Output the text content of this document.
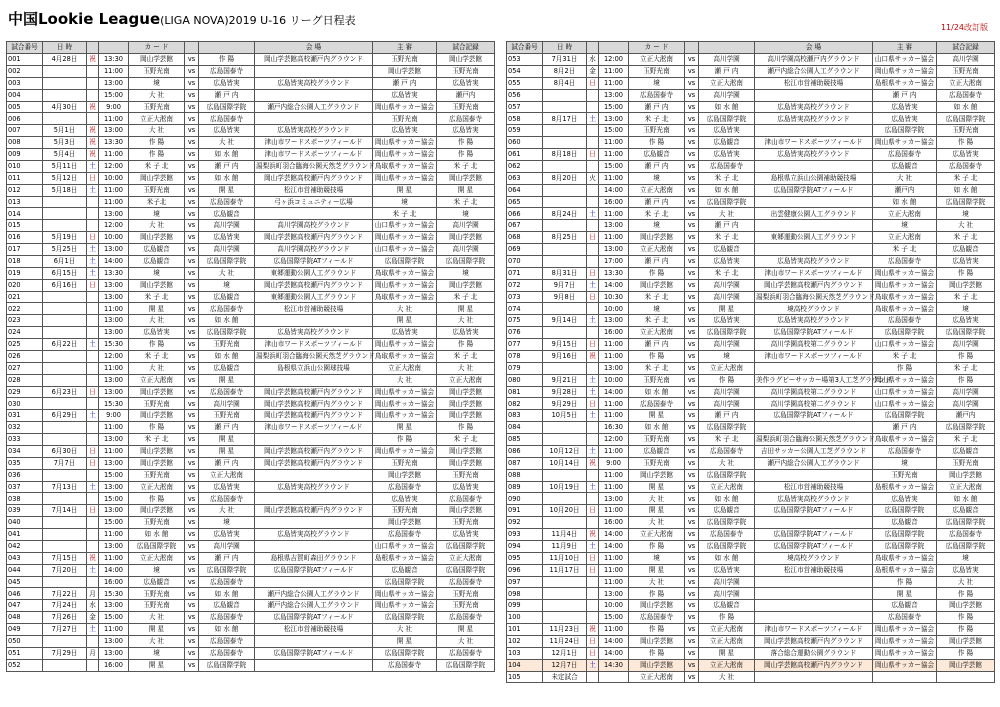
中国Lookie League(LIGA NOVA)2019 U-16 リーグ日程表
11/24改訂版
試合番号	日 時			カ ー ド			会 場	主 審	試合記録
001	4月28日	祝	13:30	岡山学芸館	vs	作 陽	岡山学芸館高校瀬戸内グラウンド	玉野光南	岡山学芸館
002			11:00	玉野光南	vs	広島国泰寺		岡山学芸館	玉野光南
003			13:00	境	vs	広島皆実	広島皆実高校グラウンド	瀬 戸 内	広島皆実
004			15:00	大 社	vs	瀬 戸 内		広島皆実	瀬戸内
005	4月30日	祝	9:00	玉野光南	vs	広島国際学院	瀬戸内総合公園人工グラウンド	岡山県サッカー協会	玉野光南
006			11:00	立正大淞南	vs	広島国泰寺		玉野光南	広島国泰寺
007	5月1日	祝	13:00	大 社	vs	広島皆実	広島皆実高校グラウンド	広島皆実	広島皆実
008	5月3日	祝	13:30	作 陽	vs	大 社	津山市ワードスポーツフィールド	岡山県サッカー協会	作 陽
009	5月4日	祝	11:00	作 陽	vs	如 水 館	津山市ワードスポーツフィールド	岡山県サッカー協会	作 陽
010	5月11日	土	12:00	米 子 北	vs	瀬 戸 内	湯梨浜町羽合臨海公園天然芝グラウンド	鳥取県サッカー協会	米 子 北
011	5月12日	日	10:00	岡山学芸館	vs	如 水 館	岡山学芸館高校瀬戸内グラウンド	岡山県サッカー協会	岡山学芸館
012	5月18日	土	11:00	玉野光南	vs	開 星	松江市営補助競技場	開 星	開 星
013			11:00	米子北	vs	広島国泰寺	弓ヶ浜コミュニティー広場	境	米 子 北
014			13:00	境	vs	広島観音		米 子 北	境
015			12:00	大 社	vs	高川学園	高川学園高校グラウンド	山口県サッカー協会	高川学園
016	5月19日	日	10:00	岡山学芸館	vs	広島皆実	岡山学芸館高校瀬戸内グラウンド	岡山県サッカー協会	岡山学芸館
017	5月25日	土	13:00	広島観音	vs	高川学園	高川学園高校グラウンド	山口県サッカー協会	高川学園
018	6月1日	土	14:00	広島観音	vs	広島国際学院	広島国際学院ATフィールド	広島国際学院	広島国際学院
019	6月15日	土	13:30	境	vs	大 社	東郷運動公園人工グラウンド	鳥取県サッカー協会	境
020	6月16日	日	13:00	岡山学芸館	vs	境	岡山学芸館高校瀬戸内グラウンド	岡山県サッカー協会	岡山学芸館
021			13:00	米 子 北	vs	広島観音	東郷運動公園人工グラウンド	鳥取県サッカー協会	米 子 北
022			11:00	開 星	vs	広島国泰寺	松江市営補助競技場	大 社	開 星
023			13:00	大 社	vs	如 水 館		開 星	大 社
024			13:00	広島皆実	vs	広島国際学院	広島皆実高校グラウンド	広島皆実	広島皆実
025	6月22日	土	15:30	作 陽	vs	玉野光南	津山市ワードスポーツフィールド	岡山県サッカー協会	作 陽
026			12:00	米 子 北	vs	如 水 館	湯梨浜町羽合臨海公園天然芝グラウンド	鳥取県サッカー協会	米 子 北
027			11:00	大 社	vs	広島観音	島根県立浜山公園球技場	立正大淞南	大 社
028			13:00	立正大淞南	vs	開 星		大 社	立正大淞南
029	6月23日	日	13:00	岡山学芸館	vs	広島国泰寺	岡山学芸館高校瀬戸内グラウンド	岡山県サッカー協会	岡山学芸館
030			15:30	玉野光南	vs	高川学園	岡山学芸館高校瀬戸内グラウンド	岡山県サッカー協会	岡山学芸館
031	6月29日	土	9:00	岡山学芸館	vs	玉野光南	岡山学芸館高校瀬戸内グラウンド	岡山県サッカー協会	岡山学芸館
032			11:00	作 陽	vs	瀬 戸 内	津山市ワードスポーツフィールド	開 星	作 陽
033			13:00	米 子 北	vs	開 星		作 陽	米 子 北
034	6月30日	日	11:00	岡山学芸館	vs	開 星	岡山学芸館高校瀬戸内グラウンド	岡山県サッカー協会	岡山学芸館
035	7月7日	日	13:00	岡山学芸館	vs	瀬 戸 内	岡山学芸館高校瀬戸内グラウンド	玉野光南	岡山学芸館
036			15:00	玉野光南	vs	立正大淞南		岡山学芸館	玉野光南
037	7月13日	土	13:00	立正大淞南	vs	広島皆実	広島皆実高校グラウンド	広島国泰寺	広島皆実
038			15:00	作 陽	vs	広島国泰寺		広島皆実	広島国泰寺
039	7月14日	日	13:00	岡山学芸館	vs	大 社	岡山学芸館高校瀬戸内グラウンド	玉野光南	岡山学芸館
040			15:00	玉野光南	vs	境		岡山学芸館	玉野光南
041			11:00	如 水 館	vs	広島皆実	広島皆実高校グラウンド	広島国泰寺	広島皆実
042			13:00	広島国際学院	vs	高川学園		山口県サッカー協会	広島国際学院
043	7月15日	祝	11:00	立正大淞南	vs	瀬 戸 内	島根県吉賀町森田グラウンド	島根県サッカー協会	立正大淞南
044	7月20日	土	14:00	境	vs	広島国際学院	広島国際学院ATフィールド	広島観音	広島国際学院
045			16:00	広島観音	vs	広島国泰寺		広島国際学院	広島国泰寺
046	7月22日	月	15:30	玉野光南	vs	如 水 館	瀬戸内総合公園人工グラウンド	岡山県サッカー協会	玉野光南
047	7月24日	水	13:00	玉野光南	vs	広島観音	瀬戸内総合公園人工グラウンド	岡山県サッカー協会	玉野光南
048	7月26日	金	15:00	大 社	vs	広島国泰寺	広島国際学院ATフィールド	広島国際学院	広島国泰寺
049	7月27日	土	11:00	開 星	vs	如 水 館	松江市営補助競技場	大 社	開 星
050			13:00	大 社	vs	広島国泰寺		開 星	大 社
051	7月29日	月	13:00	境	vs	広島国泰寺	広島国際学院ATフィールド	広島国際学院	広島国泰寺
052			16:00	開 星	vs	広島国際学院		広島国泰寺	広島国際学院
試合番号	日 時			カ ー ド			会 場	主 審	試合記録
053	7月31日	水	12:00	立正大淞南	vs	高川学園	高川学園高校瀬戸内グラウンド	山口県サッカー協会	高川学園
054	8月2日	金	11:00	玉野光南	vs	瀬 戸 内	瀬戸内総合公園人工グラウンド	岡山県サッカー協会	玉野光南
055	8月4日	日	11:00	境	vs	立正大淞南	松江市営補助競技場	島根県サッカー協会	立正大淞南
056			13:00	広島国泰寺	vs	高川学園		瀬 戸 内	広島国泰寺
057			15:00	瀬 戸 内	vs	如 水 館	広島皆実高校グラウンド	広島皆実	如 水 館
058	8月17日	土	13:00	米 子 北	vs	広島国際学院	広島皆実高校グラウンド	広島皆実	広島国際学院
059			15:00	玉野光南	vs	広島皆実		広島国際学院	玉野光南
060			11:00	作 陽	vs	広島観音	津山市ワードスポーツフィールド	岡山県サッカー協会	作 陽
061	8月18日	日	11:00	広島観音	vs	広島皆実	広島皆実高校グラウンド	広島国泰寺	広島皆実
062			15:00	瀬 戸 内	vs	広島国泰寺		広島観音	広島国泰寺
063	8月20日	火	11:00	境	vs	米 子 北	島根県立浜山公園補助競技場	大 社	米 子 北
064			14:00	立正大淞南	vs	如 水 館	広島国際学院ATフィールド	瀬戸内	如 水 館
065			16:00	瀬 戸 内	vs	広島国際学院		如 水 館	広島国際学院
066	8月24日	土	11:00	米 子 北	vs	大 社	出雲健康公園人工グラウンド	立正大淞南	境
067			13:00	境	vs	瀬 戸 内		境	大 社
068	8月25日	日	11:00	岡山学芸館	vs	米 子 北	東郷運動公園人工グラウンド	立正大淞南	米 子 北
069			13:00	立正大淞南	vs	広島観音		米 子 北	広島観音
070			17:00	瀬 戸 内	vs	広島皆実	広島皆実高校グラウンド	広島国泰寺	広島皆実
071	8月31日	日	13:30	作 陽	vs	米 子 北	津山市ワードスポーツフィールド	岡山県サッカー協会	作 陽
072	9月7日	土	14:00	岡山学芸館	vs	高川学園	岡山学芸館高校瀬戸内グラウンド	岡山県サッカー協会	岡山学芸館
073	9月8日	日	10:30	米 子 北	vs	高川学園	湯梨浜町羽合臨海公園天然芝グラウンド	鳥取県サッカー協会	米 子 北
074			10:00	境	vs	開 星	境高校グラウンド	鳥取県サッカー協会	境
075	9月14日	土	13:00	米 子 北	vs	広島皆実	広島皆実高校グラウンド	広島国泰寺	広島皆実
076			16:00	立正大淞南	vs	広島国際学院	広島国際学院ATフィールド	広島国際学院	広島国際学院
077	9月15日	日	11:00	瀬 戸 内	vs	高川学園	高川学園高校第二グラウンド	山口県サッカー協会	高川学園
078	9月16日	祝	11:00	作 陽	vs	境	津山市ワードスポーツフィールド	米 子 北	作 陽
079			13:00	米 子 北	vs	立正大淞南		作 陽	米 子 北
080	9月21日	土	10:00	玉野光南	vs	作 陽	美作ラグビーサッカー場第3人工芝グラウンド	岡山県サッカー協会	作 陽
081	9月28日	土	14:00	如 水 館	vs	高川学園	高川学園高校第二グラウンド	山口県サッカー協会	高川学園
082	9月29日	日	11:00	広島国泰寺	vs	高川学園	高川学園高校第二グラウンド	山口県サッカー協会	高川学園
083	10月5日	土	11:00	開 星	vs	瀬 戸 内	広島国際学院ATフィールド	広島国際学院	瀬戸内
084			16:30	如 水 館	vs	広島国際学院		瀬 戸 内	広島国際学院
085			12:00	玉野光南	vs	米 子 北	湯梨浜町羽合臨海公園天然芝グラウンド	鳥取県サッカー協会	米 子 北
086	10月12日	土	11:00	広島観音	vs	広島国泰寺	吉田サッカー公園人工芝グラウンド	広島国泰寺	広島観音
087	10月14日	祝	9:00	玉野光南	vs	大 社	瀬戸内総合公園人工グラウンド	境	玉野光南
088			11:00	岡山学芸館	vs	広島国際学院		玉野光南	岡山学芸館
089	10月19日	土	11:00	開 星	vs	立正大淞南	松江市営補助競技場	島根県サッカー協会	立正大淞南
090			13:00	大 社	vs	如 水 館	広島皆実高校グラウンド	広島皆実	如 水 館
091	10月20日	日	11:00	開 星	vs	広島観音	広島国際学院ATフィールド	広島国際学院	広島観音
092			16:00	大 社	vs	広島国際学院		広島観音	広島国際学院
093	11月4日	祝	14:00	立正大淞南	vs	広島国泰寺	広島国際学院ATフィールド	広島国際学院	広島国泰寺
094	11月9日	土	14:00	作 陽	vs	広島国際学院	広島国際学院ATフィールド	広島国際学院	広島国際学院
095	11月10日	日	11:00	境	vs	如 水 館	境高校グラウンド	鳥取県サッカー協会	境
096	11月17日	日	11:00	開 星	vs	広島皆実	松江市営補助競技場	島根県サッカー協会	広島皆実
097			11:00	大 社	vs	高川学園		作 陽	大 社
098			13:00	作 陽	vs	高川学園		開 星	作 陽
099			10:00	岡山学芸館	vs	広島観音		広島観音	岡山学芸館
100			15:00	広島国泰寺	vs	作 陽		広島国泰寺	作 陽
101	11月23日	祝	11:00	作 陽	vs	立正大淞南	津山市ワードスポーツフィールド	岡山県サッカー協会	作 陽
102	11月24日	日	14:00	岡山学芸館	vs	立正大淞南	岡山学芸館高校瀬戸内グラウンド	岡山県サッカー協会	岡山学芸館
103	12月1日	日	14:00	作 陽	vs	開 星	落合総合運動公園グラウンド	岡山県サッカー協会	作 陽
104	12月7日	土	14:30	岡山学芸館	vs	立正大淞南	岡山学芸館高校瀬戸内グラウンド	岡山県サッカー協会	岡山学芸館
105	未定試合			立正大淞南	vs	大 社			
